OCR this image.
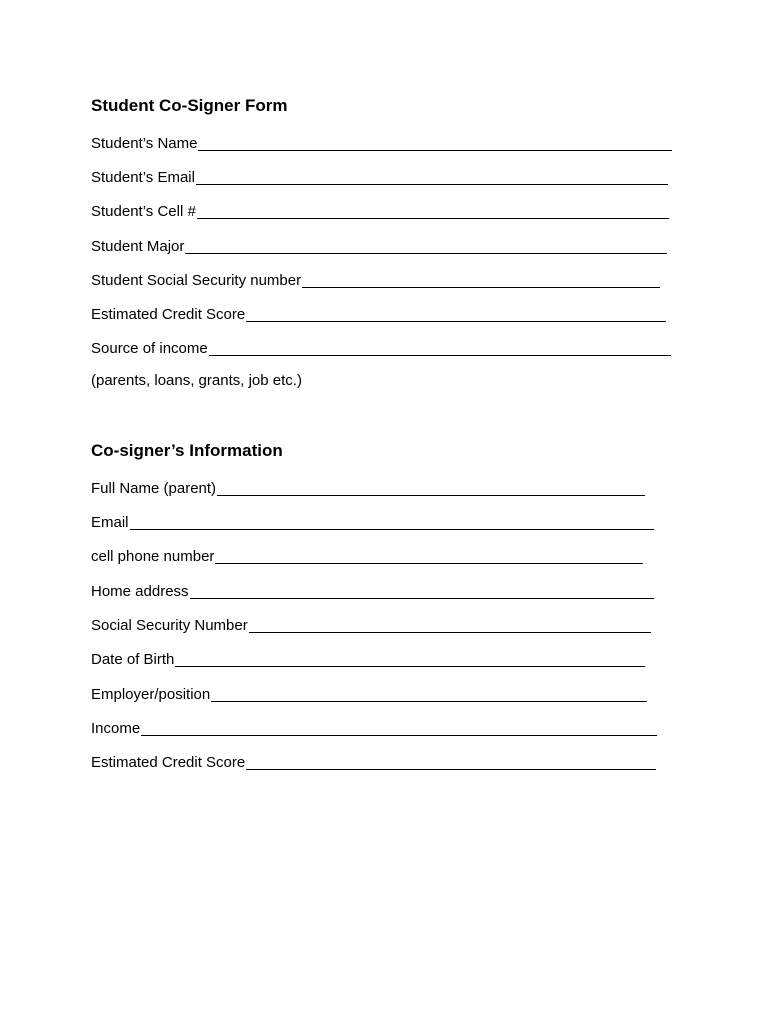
Student Co-Signer Form
Student’s Name
Student’s Email
Student’s Cell #
Student Major
Student Social Security number
Estimated Credit Score
Source of income
(parents, loans, grants, job etc.)
Co-signer’s Information
Full Name (parent)
Email
cell phone number
Home address
Social Security Number
Date of Birth
Employer/position
Income
Estimated Credit Score
